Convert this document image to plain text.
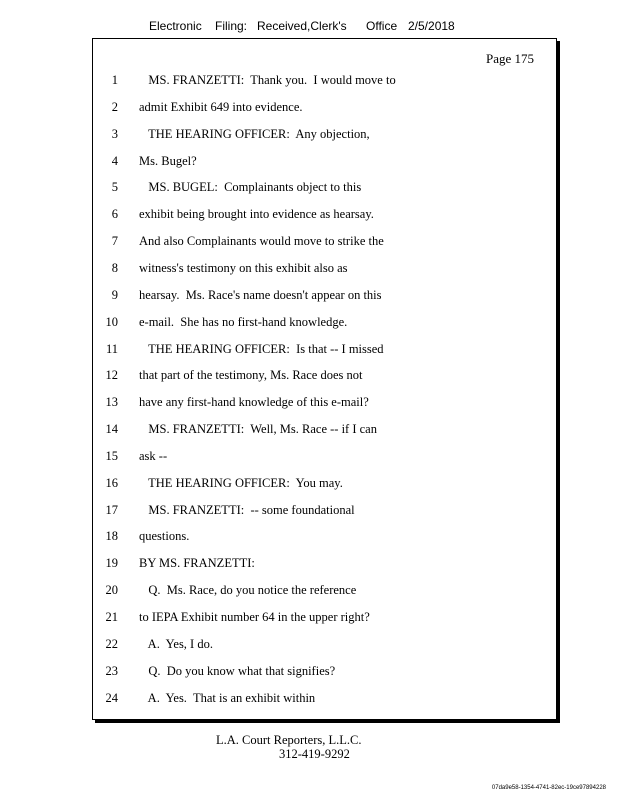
Electronic Filing: Received,Clerk's Office 2/5/2018
Page 175
1 MS. FRANZETTI:  Thank you.  I would move to
2 admit Exhibit 649 into evidence.
3 THE HEARING OFFICER:  Any objection,
4 Ms. Bugel?
5 MS. BUGEL:  Complainants object to this
6 exhibit being brought into evidence as hearsay.
7 And also Complainants would move to strike the
8 witness's testimony on this exhibit also as
9 hearsay.  Ms. Race's name doesn't appear on this
10 e-mail.  She has no first-hand knowledge.
11 THE HEARING OFFICER:  Is that -- I missed
12 that part of the testimony, Ms. Race does not
13 have any first-hand knowledge of this e-mail?
14 MS. FRANZETTI:  Well, Ms. Race -- if I can
15 ask --
16 THE HEARING OFFICER:  You may.
17 MS. FRANZETTI:  -- some foundational
18 questions.
19 BY MS. FRANZETTI:
20 Q.  Ms. Race, do you notice the reference
21 to IEPA Exhibit number 64 in the upper right?
22 A.  Yes, I do.
23 Q.  Do you know what that signifies?
24 A.  Yes.  That is an exhibit within
L.A. Court Reporters, L.L.C.
312-419-9292
07da9e58-1354-4741-82ec-19ce97894228
